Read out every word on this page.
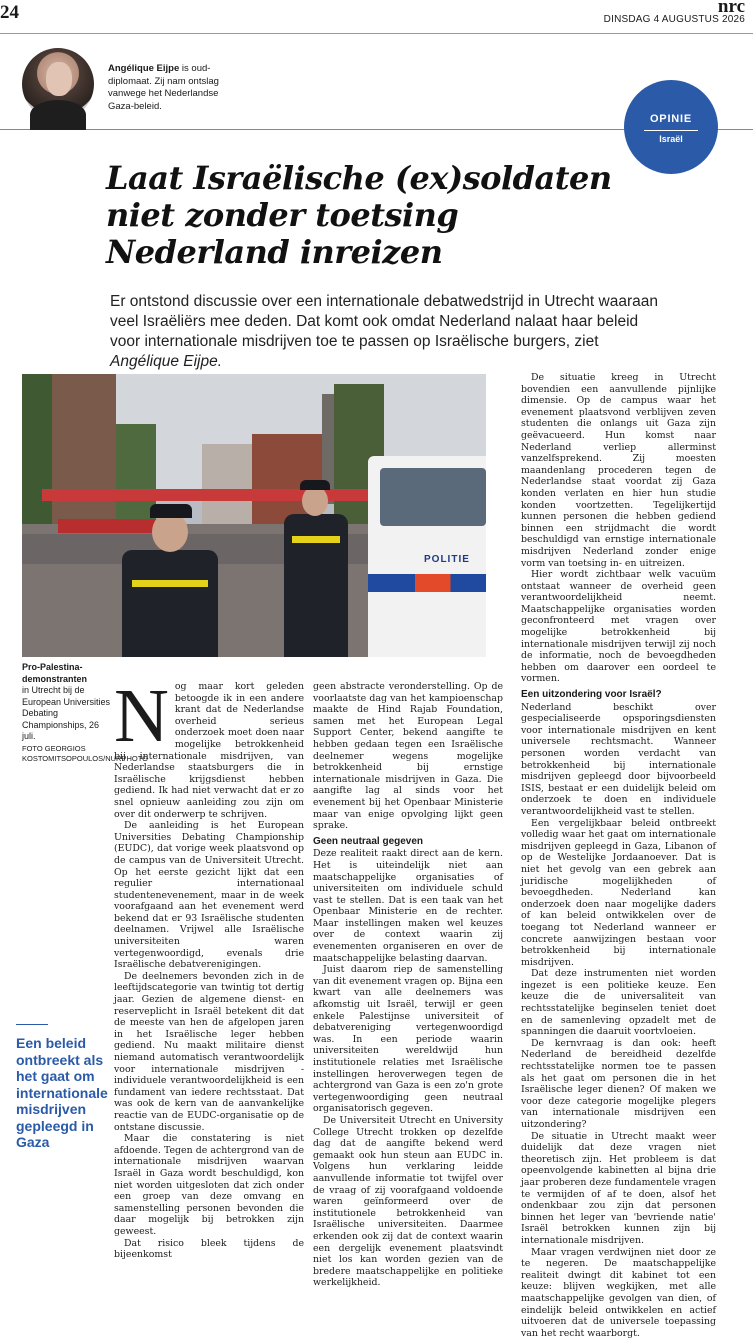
24	nrc
DINSDAG 4 AUGUSTUS 2026
Angélique Eijpe is oud-diplomaat. Zij nam ontslag vanwege het Nederlandse Gaza-beleid.
OPINIE
Israël
Laat Israëlische (ex)soldaten niet zonder toetsing Nederland inreizen
Er ontstond discussie over een internationale debatwedstrijd in Utrecht waaraan veel Israëliërs mee deden. Dat komt ook omdat Nederland nalaat haar beleid voor internationale misdrijven toe te passen op Israëlische burgers, ziet Angélique Eijpe.
POLITIE
Pro-Palestina-demonstranten
in Utrecht bij de European Universities Debating Championships, 26 juli.
FOTO GEORGIOS KOSTOMITSOPOULOS/NURPHOTO
Een beleid ontbreekt als het gaat om internationale misdrijven gepleegd in Gaza

Nog maar kort geleden betoogde ik in een andere krant dat de Nederlandse overheid serieus onderzoek moet doen naar mogelijke betrokkenheid bij internationale misdrijven, van Nederlandse staatsburgers die in Israëlische krijgsdienst hebben gediend. Ik had niet verwacht dat er zo snel opnieuw aanleiding zou zijn om over dit onderwerp te schrijven.

De aanleiding is het European Universities Debating Championship (EUDC), dat vorige week plaatsvond op de campus van de Universiteit Utrecht. Op het eerste gezicht lijkt dat een regulier internationaal studentenevenement, maar in de week voorafgaand aan het evenement werd bekend dat er 93 Israëlische studenten deelnamen. Vrijwel alle Israëlische universiteiten waren vertegenwoordigd, evenals drie Israëlische debatverenigingen.

De deelnemers bevonden zich in de leeftijdscategorie van twintig tot dertig jaar. Gezien de algemene dienst- en reserveplicht in Israël betekent dit dat de meeste van hen de afgelopen jaren in het Israëlische leger hebben gediend. Nu maakt militaire dienst niemand automatisch verantwoordelijk voor internationale misdrijven - individuele verantwoordelijkheid is een fundament van iedere rechtsstaat. Dat was ook de kern van de aanvankelijke reactie van de EUDC-organisatie op de ontstane discussie.

Maar die constatering is niet afdoende. Tegen de achtergrond van de internationale misdrijven waarvan Israël in Gaza wordt beschuldigd, kon niet worden uitgesloten dat zich onder een groep van deze omvang en samenstelling personen bevonden die daar mogelijk bij betrokken zijn geweest.

Dat risico bleek tijdens de bijeenkomst

geen abstracte veronderstelling. Op de voorlaatste dag van het kampioenschap maakte de Hind Rajab Foundation, samen met het European Legal Support Center, bekend aangifte te hebben gedaan tegen een Israëlische deelnemer wegens mogelijke betrokkenheid bij ernstige internationale misdrijven in Gaza. Die aangifte lag al sinds voor het evenement bij het Openbaar Ministerie maar van enige opvolging lijkt geen sprake.

Geen neutraal gegeven

Deze realiteit raakt direct aan de kern. Het is uiteindelijk niet aan maatschappelijke organisaties of universiteiten om individuele schuld vast te stellen. Dat is een taak van het Openbaar Ministerie en de rechter. Maar instellingen maken wel keuzes over de context waarin zij evenementen organiseren en over de maatschappelijke belasting daarvan.

Juist daarom riep de samenstelling van dit evenement vragen op. Bijna een kwart van alle deelnemers was afkomstig uit Israël, terwijl er geen enkele Palestijnse universiteit of debatvereniging vertegenwoordigd was. In een periode waarin universiteiten wereldwijd hun institutionele relaties met Israëlische instellingen heroverwegen tegen de achtergrond van Gaza is een zo'n grote vertegenwoordiging geen neutraal organisatorisch gegeven.

De Universiteit Utrecht en University College Utrecht trokken op dezelfde dag dat de aangifte bekend werd gemaakt ook hun steun aan EUDC in. Volgens hun verklaring leidde aanvullende informatie tot twijfel over de vraag of zij voorafgaand voldoende waren geïnformeerd over de institutionele betrokkenheid van Israëlische universiteiten. Daarmee erkenden ook zij dat de context waarin een dergelijk evenement plaatsvindt niet los kan worden gezien van de bredere maatschappelijke en politieke werkelijkheid.

De situatie kreeg in Utrecht bovendien een aanvullende pijnlijke dimensie. Op de campus waar het evenement plaatsvond verblijven zeven studenten die onlangs uit Gaza zijn geëvacueerd. Hun komst naar Nederland verliep allerminst vanzelfsprekend. Zij moesten maandenlang procederen tegen de Nederlandse staat voordat zij Gaza konden verlaten en hier hun studie konden voortzetten. Tegelijkertijd kunnen personen die hebben gediend binnen een strijdmacht die wordt beschuldigd van ernstige internationale misdrijven Nederland zonder enige vorm van toetsing in- en uitreizen.

Hier wordt zichtbaar welk vacuüm ontstaat wanneer de overheid geen verantwoordelijkheid neemt. Maatschappelijke organisaties worden geconfronteerd met vragen over mogelijke betrokkenheid bij internationale misdrijven terwijl zij noch de informatie, noch de bevoegdheden hebben om daarover een oordeel te vormen.

Een uitzondering voor Israël?

Nederland beschikt over gespecialiseerde opsporingsdiensten voor internationale misdrijven en kent universele rechtsmacht. Wanneer personen worden verdacht van betrokkenheid bij internationale misdrijven gepleegd door bijvoorbeeld ISIS, bestaat er een duidelijk beleid om onderzoek te doen en individuele verantwoordelijkheid vast te stellen.

Een vergelijkbaar beleid ontbreekt volledig waar het gaat om internationale misdrijven gepleegd in Gaza, Libanon of op de Westelijke Jordaanoever. Dat is niet het gevolg van een gebrek aan juridische mogelijkheden of bevoegdheden. Nederland kan onderzoek doen naar mogelijke daders of kan beleid ontwikkelen over de toegang tot Nederland wanneer er concrete aanwijzingen bestaan voor betrokkenheid bij internationale misdrijven.

Dat deze instrumenten niet worden ingezet is een politieke keuze. Een keuze die de universaliteit van rechtsstatelijke beginselen teniet doet en de samenleving opzadelt met de spanningen die daaruit voortvloeien.

De kernvraag is dan ook: heeft Nederland de bereidheid dezelfde rechtsstatelijke normen toe te passen als het gaat om personen die in het Israëlische leger dienen? Of maken we voor deze categorie mogelijke plegers van internationale misdrijven een uitzondering?

De situatie in Utrecht maakt weer duidelijk dat deze vragen niet theoretisch zijn. Het probleem is dat opeenvolgende kabinetten al bijna drie jaar proberen deze fundamentele vragen te vermijden of af te doen, alsof het ondenkbaar zou zijn dat personen binnen het leger van 'bevriende natie' Israël betrokken kunnen zijn bij internationale misdrijven.

Maar vragen verdwijnen niet door ze te negeren. De maatschappelijke realiteit dwingt dit kabinet tot een keuze: blijven wegkijken, met alle maatschappelijke gevolgen van dien, of eindelijk beleid ontwikkelen en actief uitvoeren dat de universele toepassing van het recht waarborgt.
